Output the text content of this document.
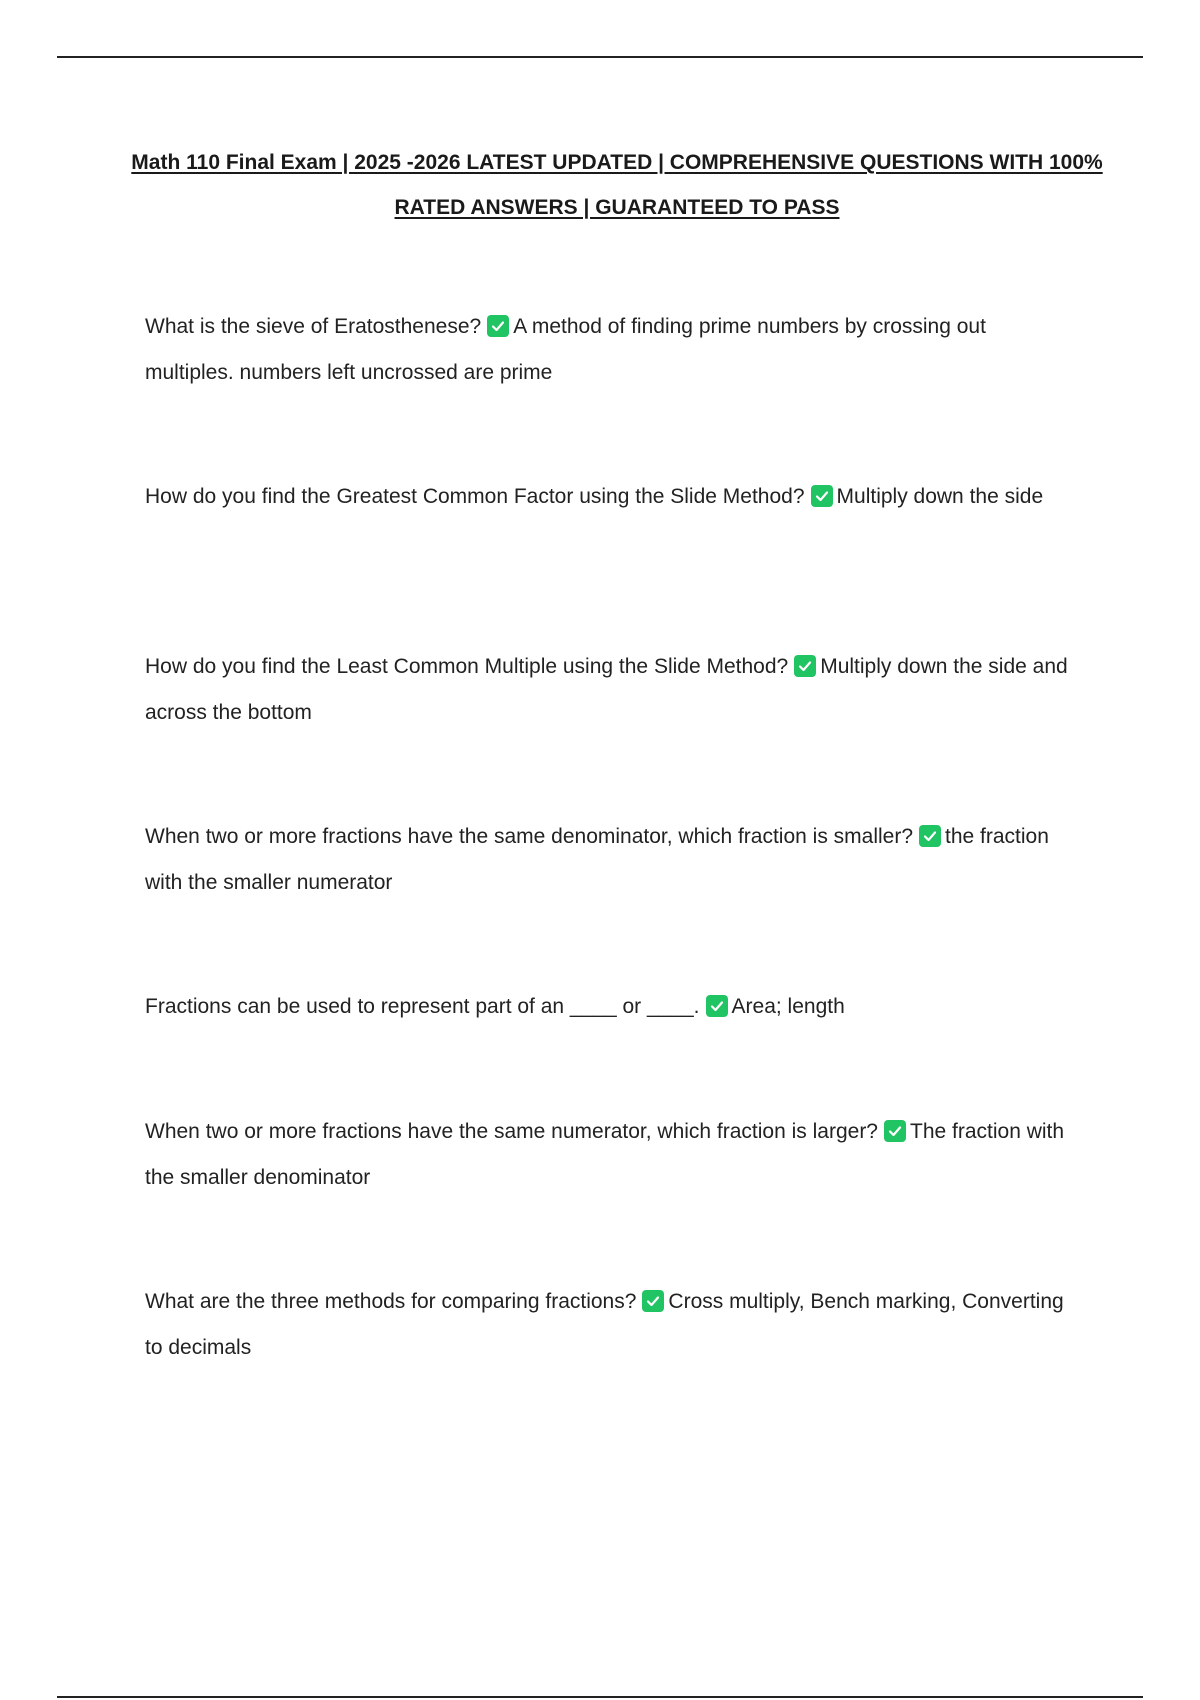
Math 110 Final Exam | 2025 -2026 LATEST UPDATED | COMPREHENSIVE QUESTIONS WITH 100% RATED ANSWERS | GUARANTEED TO PASS

What is the sieve of Eratosthenese? A method of finding prime numbers by crossing out multiples. numbers left uncrossed are prime

How do you find the Greatest Common Factor using the Slide Method? Multiply down the side

How do you find the Least Common Multiple using the Slide Method? Multiply down the side and across the bottom

When two or more fractions have the same denominator, which fraction is smaller? the fraction with the smaller numerator

Fractions can be used to represent part of an ____ or ____. Area; length

When two or more fractions have the same numerator, which fraction is larger? The fraction with the smaller denominator

What are the three methods for comparing fractions? Cross multiply, Bench marking, Converting to decimals
